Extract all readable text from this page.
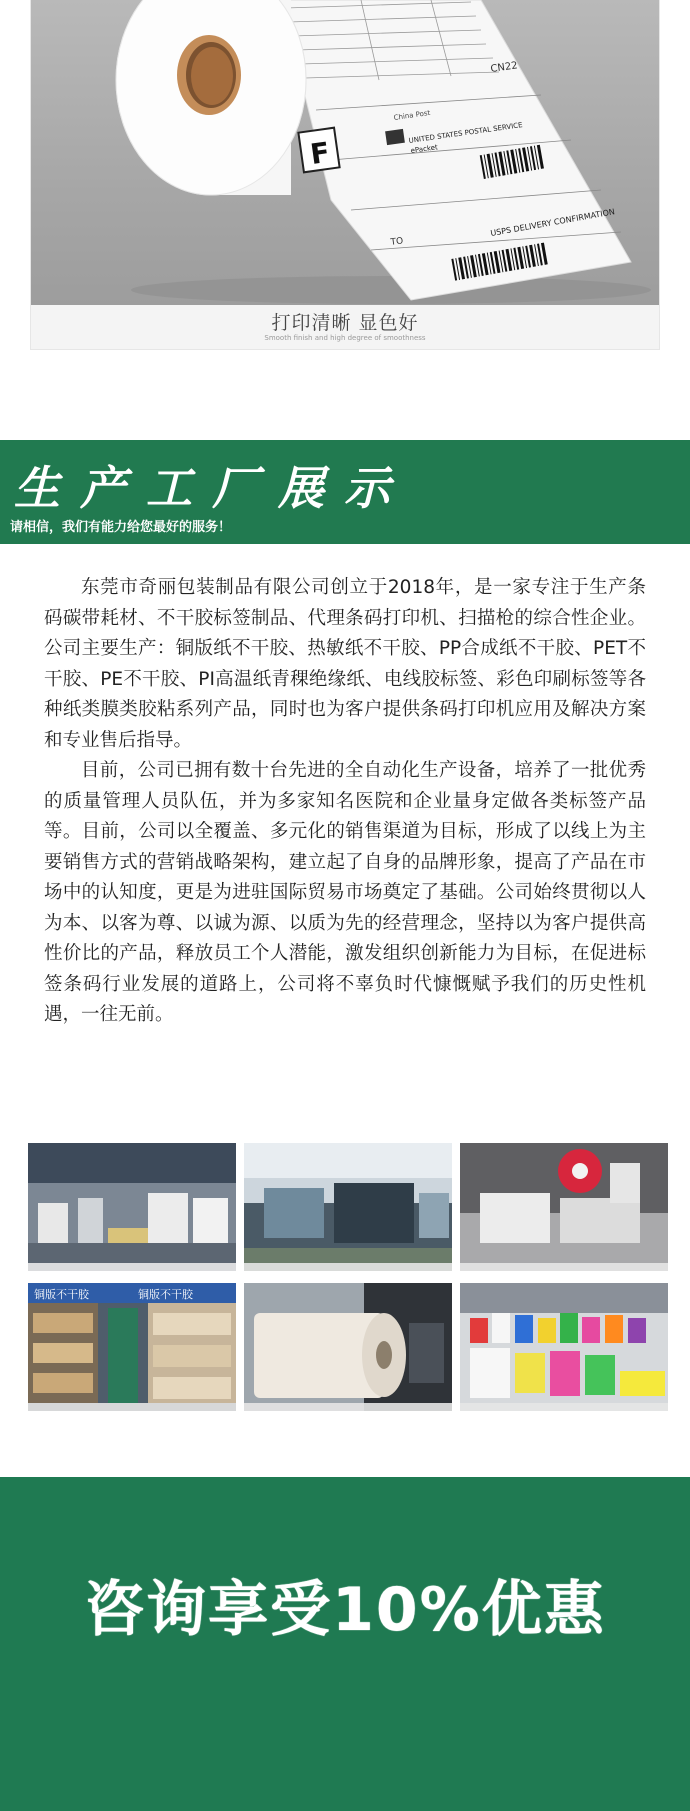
CN22
F
UNITED STATES POSTAL SERVICE
ePacket
China Post
USPS DELIVERY CONFIRMATION
TO
打印清晰 显色好
Smooth finish and high degree of smoothness
生产工厂展示
请相信，我们有能力给您最好的服务！

东莞市奇丽包装制品有限公司创立于2018年，是一家专注于生产条码碳带耗材、不干胶标签制品、代理条码打印机、扫描枪的综合性企业。公司主要生产：铜版纸不干胶、热敏纸不干胶、PP合成纸不干胶、PET不干胶、PE不干胶、PI高温纸青稞绝缘纸、电线胶标签、彩色印刷标签等各种纸类膜类胶粘系列产品，同时也为客户提供条码打印机应用及解决方案和专业售后指导。

目前，公司已拥有数十台先进的全自动化生产设备，培养了一批优秀的质量管理人员队伍，并为多家知名医院和企业量身定做各类标签产品等。目前，公司以全覆盖、多元化的销售渠道为目标，形成了以线上为主要销售方式的营销战略架构，建立起了自身的品牌形象，提高了产品在市场中的认知度，更是为进驻国际贸易市场奠定了基础。公司始终贯彻以人为本、以客为尊、以诚为源、以质为先的经营理念，坚持以为客户提供高性价比的产品，释放员工个人潜能，激发组织创新能力为目标，在促进标签条码行业发展的道路上，公司将不辜负时代慷慨赋予我们的历史性机遇，一往无前。

铜版不干胶	铜版不干胶
咨询享受10%优惠
